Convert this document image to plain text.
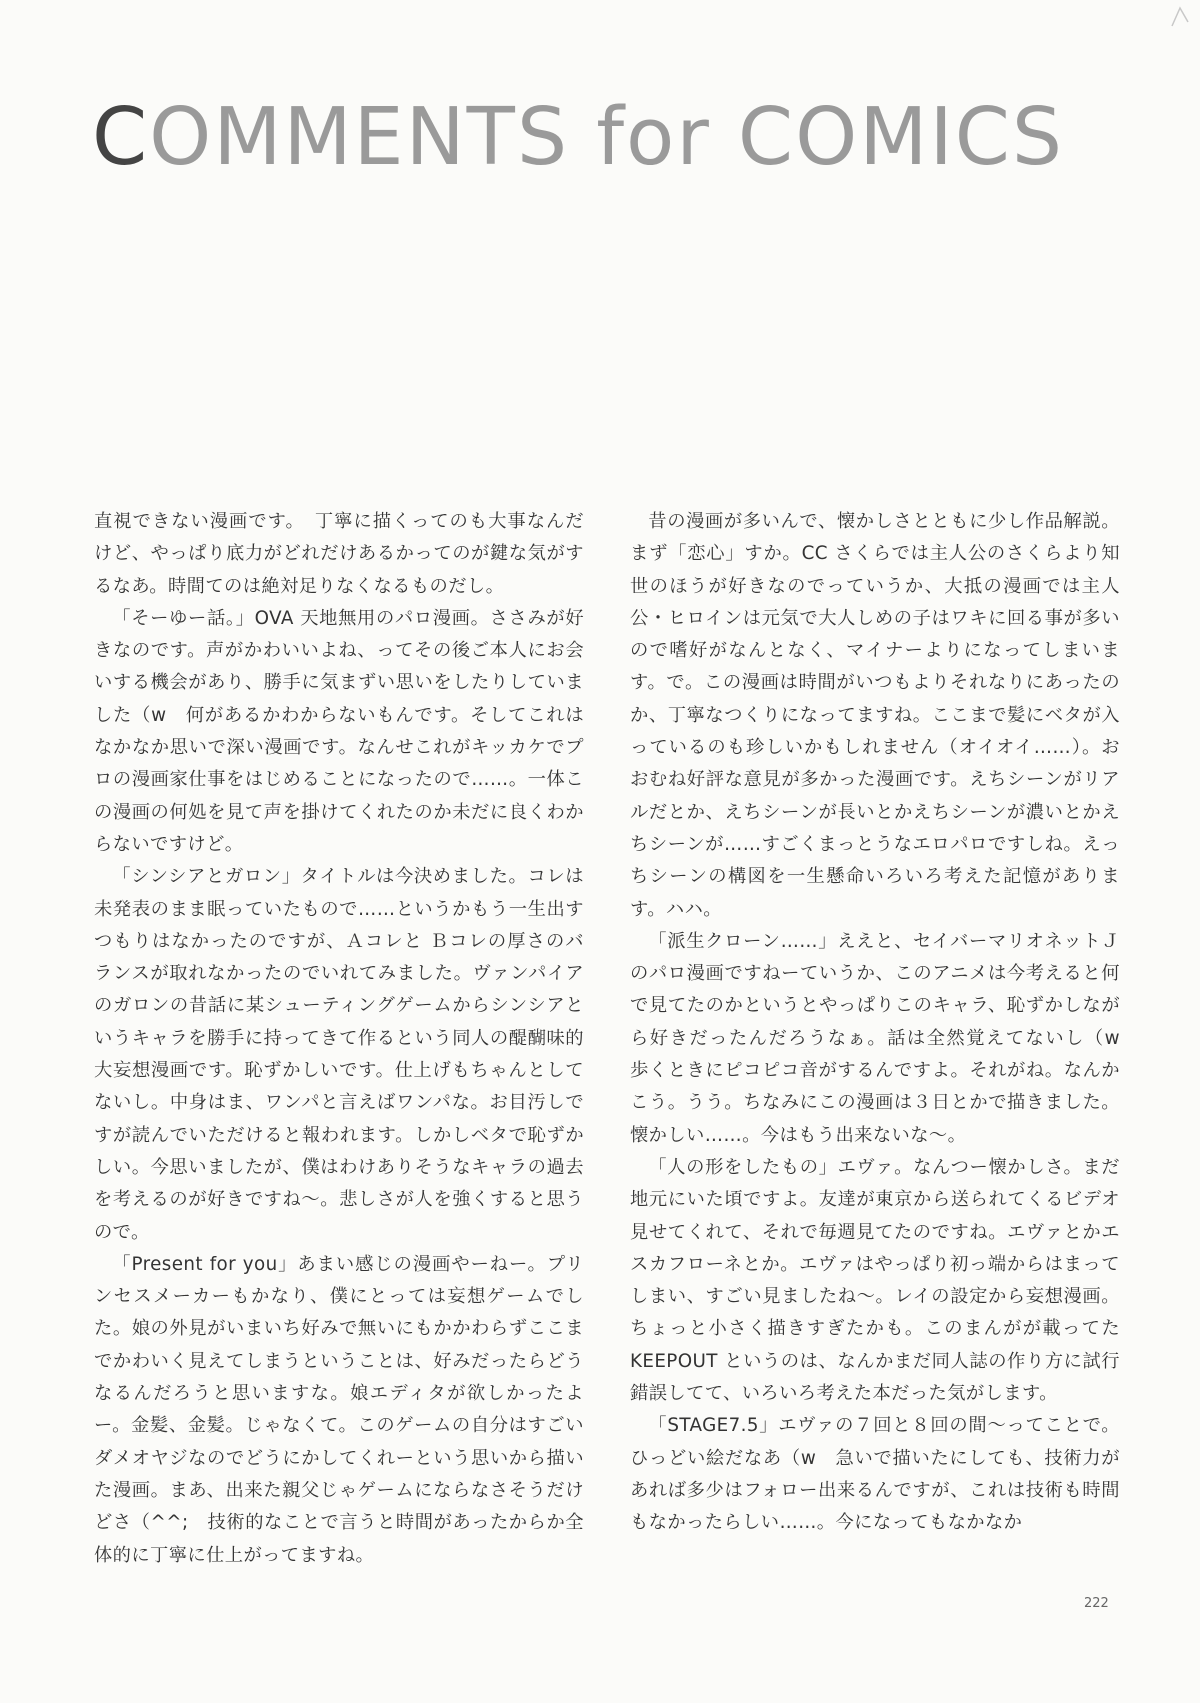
COMMENTS for COMICS

直視できない漫画です。　丁寧に描くってのも大事なんだけど、やっぱり底力がどれだけあるかってのが鍵な気がするなあ。時間てのは絶対足りなくなるものだし。

「そーゆー話。」OVA 天地無用のパロ漫画。ささみが好きなのです。声がかわいいよね、ってその後ご本人にお会いする機会があり、勝手に気まずい思いをしたりしていました（w　何があるかわからないもんです。そしてこれはなかなか思いで深い漫画です。なんせこれがキッカケでプロの漫画家仕事をはじめることになったので……。一体この漫画の何処を見て声を掛けてくれたのか未だに良くわからないですけど。

「シンシアとガロン」タイトルは今決めました。コレは未発表のまま眠っていたもので……というかもう一生出すつもりはなかったのですが、Ａコレと Ｂコレの厚さのバランスが取れなかったのでいれてみました。ヴァンパイアのガロンの昔話に某シューティングゲームからシンシアというキャラを勝手に持ってきて作るという同人の醍醐味的大妄想漫画です。恥ずかしいです。仕上げもちゃんとしてないし。中身はま、ワンパと言えばワンパな。お目汚しですが読んでいただけると報われます。しかしベタで恥ずかしい。今思いましたが、僕はわけありそうなキャラの過去を考えるのが好きですね～。悲しさが人を強くすると思うので。

「Present for you」あまい感じの漫画やーねー。プリンセスメーカーもかなり、僕にとっては妄想ゲームでした。娘の外見がいまいち好みで無いにもかかわらずここまでかわいく見えてしまうということは、好みだったらどうなるんだろうと思いますな。娘エディタが欲しかったよー。金髪、金髪。じゃなくて。このゲームの自分はすごいダメオヤジなのでどうにかしてくれーという思いから描いた漫画。まあ、出来た親父じゃゲームにならなさそうだけどさ（^^;　技術的なことで言うと時間があったからか全体的に丁寧に仕上がってますね。

昔の漫画が多いんで、懐かしさとともに少し作品解説。まず「恋心」すか。CC さくらでは主人公のさくらより知世のほうが好きなのでっていうか、大抵の漫画では主人公・ヒロインは元気で大人しめの子はワキに回る事が多いので嗜好がなんとなく、マイナーよりになってしまいます。で。この漫画は時間がいつもよりそれなりにあったのか、丁寧なつくりになってますね。ここまで髪にベタが入っているのも珍しいかもしれません（オイオイ……）。おおむね好評な意見が多かった漫画です。えちシーンがリアルだとか、えちシーンが長いとかえちシーンが濃いとかえちシーンが……すごくまっとうなエロパロですしね。えっちシーンの構図を一生懸命いろいろ考えた記憶があります。ハハ。

「派生クローン……」ええと、セイバーマリオネットＪのパロ漫画ですねーていうか、このアニメは今考えると何で見てたのかというとやっぱりこのキャラ、恥ずかしながら好きだったんだろうなぁ。話は全然覚えてないし（w　歩くときにピコピコ音がするんですよ。それがね。なんかこう。うう。ちなみにこの漫画は３日とかで描きました。懐かしい……。今はもう出来ないな～。

「人の形をしたもの」エヴァ。なんつー懐かしさ。まだ地元にいた頃ですよ。友達が東京から送られてくるビデオ見せてくれて、それで毎週見てたのですね。エヴァとかエスカフローネとか。エヴァはやっぱり初っ端からはまってしまい、すごい見ましたね～。レイの設定から妄想漫画。ちょっと小さく描きすぎたかも。このまんがが載ってた KEEPOUT というのは、なんかまだ同人誌の作り方に試行錯誤してて、いろいろ考えた本だった気がします。

「STAGE7.5」エヴァの７回と８回の間～ってことで。ひっどい絵だなあ（w　急いで描いたにしても、技術力があれば多少はフォロー出来るんですが、これは技術も時間もなかったらしい……。今になってもなかなか

222
